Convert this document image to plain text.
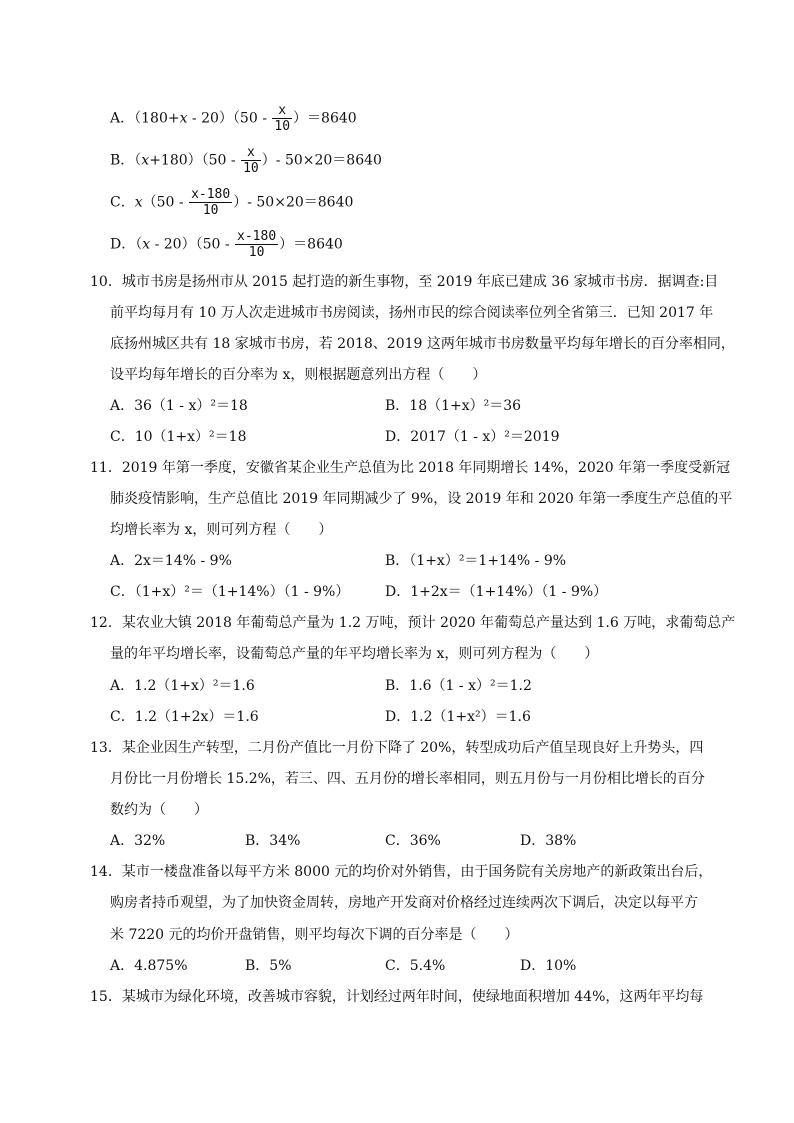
A．$(180+x - 20)(50 - \frac{x}{10} )=8640$
B．$(x+180)(50 - \frac{x}{10}$ ）- 50×20＝8640
C．$x(50 - \frac{x-180}{10}$ ）- 50×20＝8640
D．$(x - 20)(50 - \frac{x-180}{10} )=8640$
10．城市书房是扬州市从 2015 起打造的新生事物，至 2019 年底已建成 36 家城市书房．据调查:目
前平均每月有 10 万人次走进城市书房阅读，扬州市民的综合阅读率位列全省第三．已知 2017 年
底扬州城区共有 18 家城市书房，若 2018、2019 这两年城市书房数量平均每年增长的百分率相同，
设平均每年增长的百分率为 x，则根据题意列出方程（　　）
A．36（1 - x）²＝18	B．18（1+x）²＝36
C．10（1+x）²＝18	D．2017（1 - x）²＝2019
11．2019 年第一季度，安徽省某企业生产总值为比 2018 年同期增长 14%，2020 年第一季度受新冠
肺炎疫情影响，生产总值比 2019 年同期减少了 9%，设 2019 年和 2020 年第一季度生产总值的平
均增长率为 x，则可列方程（　　）
A．2x＝14% - 9%	B．（1+x）²＝1+14% - 9%
C．（1+x）²＝（1+14%）（1 - 9%）	D．1+2x＝（1+14%）（1 - 9%）
12．某农业大镇 2018 年葡萄总产量为 1.2 万吨，预计 2020 年葡萄总产量达到 1.6 万吨，求葡萄总产
量的年平均增长率，设葡萄总产量的年平均增长率为 x，则可列方程为（　　）
A．1.2（1+x）²＝1.6	B．1.6（1 - x）²＝1.2
C．1.2（1+2x）＝1.6	D．1.2（1+x²）＝1.6
13．某企业因生产转型，二月份产值比一月份下降了 20%，转型成功后产值呈现良好上升势头，四
月份比一月份增长 15.2%，若三、四、五月份的增长率相同，则五月份与一月份相比增长的百分
数约为（　　）
A．32%	B．34%	C．36%	D．38%
14．某市一楼盘准备以每平方米 8000 元的均价对外销售，由于国务院有关房地产的新政策出台后，
购房者持币观望，为了加快资金周转，房地产开发商对价格经过连续两次下调后，决定以每平方
米 7220 元的均价开盘销售，则平均每次下调的百分率是（　　）
A．4.875%	B．5%	C．5.4%	D．10%
15．某城市为绿化环境，改善城市容貌，计划经过两年时间，使绿地面积增加 44%，这两年平均每
